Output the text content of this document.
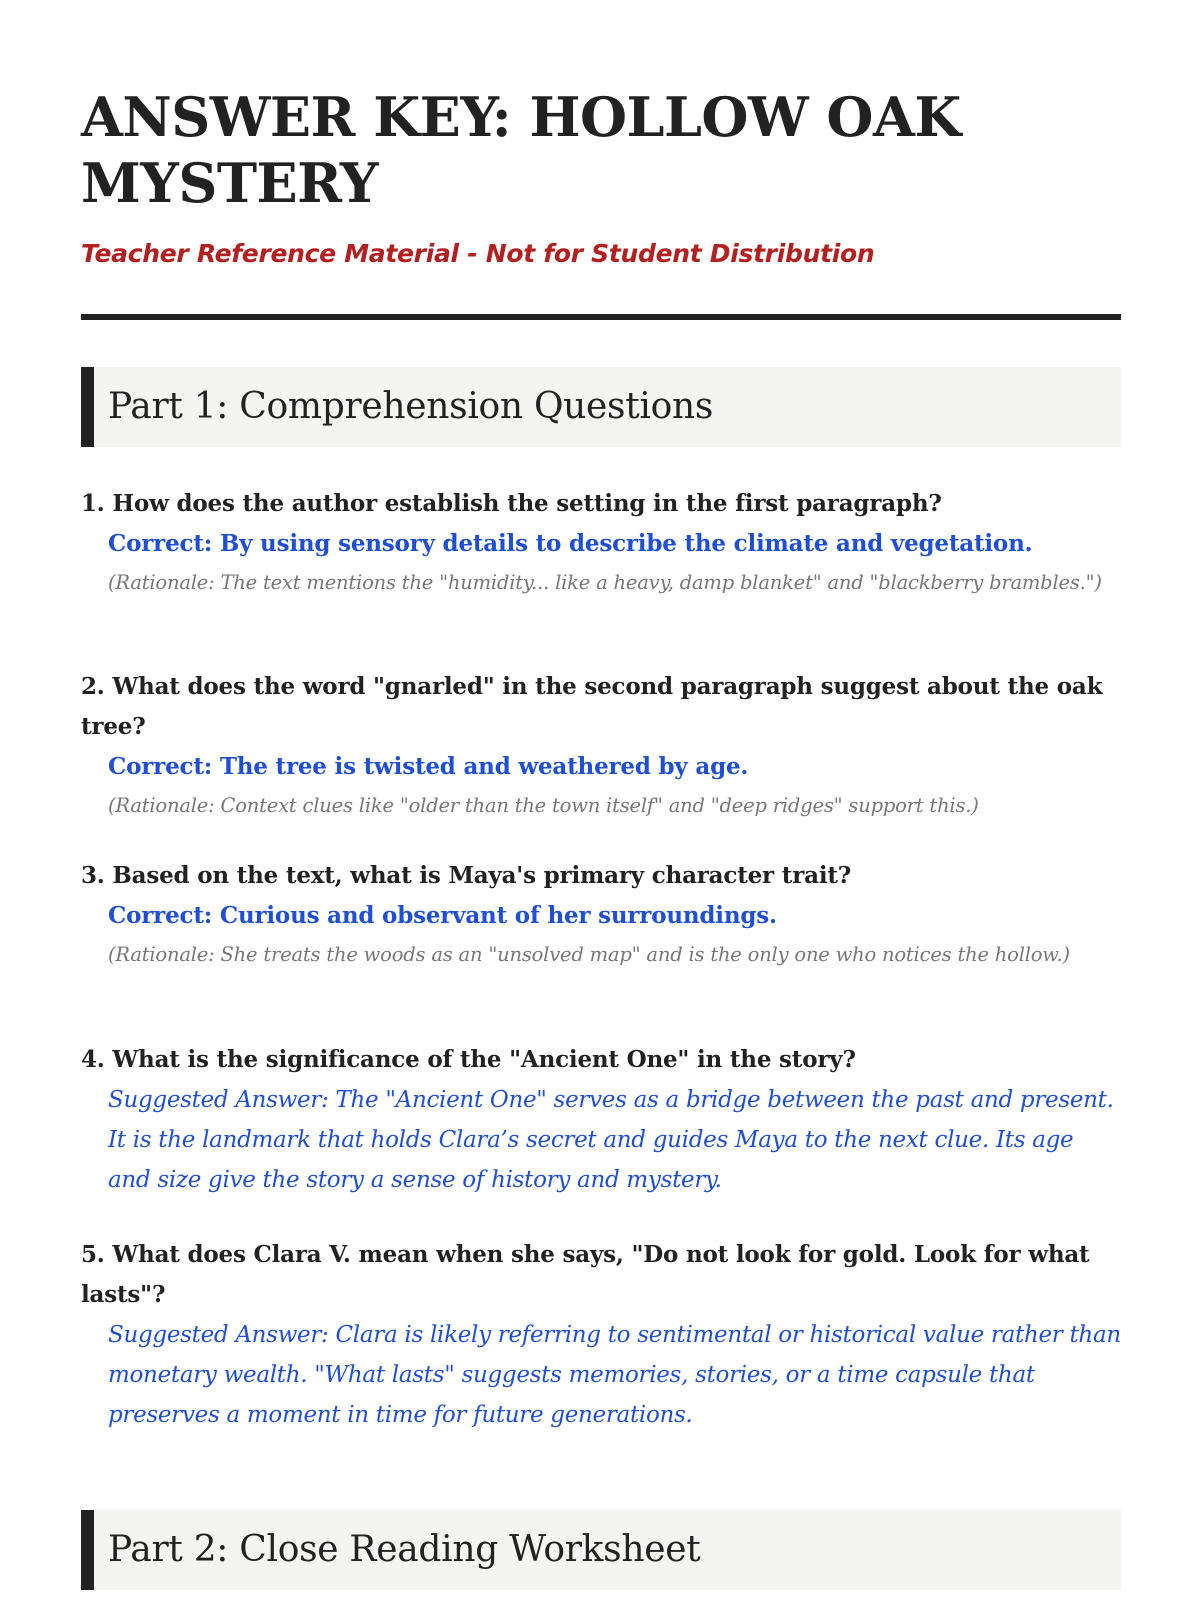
ANSWER KEY: HOLLOW OAK MYSTERY
Teacher Reference Material - Not for Student Distribution
Part 1: Comprehension Questions
1. How does the author establish the setting in the first paragraph?
Correct: By using sensory details to describe the climate and vegetation.
(Rationale: The text mentions the "humidity... like a heavy, damp blanket" and "blackberry brambles.")
2. What does the word "gnarled" in the second paragraph suggest about the oak tree?
Correct: The tree is twisted and weathered by age.
(Rationale: Context clues like "older than the town itself" and "deep ridges" support this.)
3. Based on the text, what is Maya's primary character trait?
Correct: Curious and observant of her surroundings.
(Rationale: She treats the woods as an "unsolved map" and is the only one who notices the hollow.)
4. What is the significance of the "Ancient One" in the story?
Suggested Answer: The "Ancient One" serves as a bridge between the past and present. It is the landmark that holds Clara’s secret and guides Maya to the next clue. Its age and size give the story a sense of history and mystery.
5. What does Clara V. mean when she says, "Do not look for gold. Look for what lasts"?
Suggested Answer: Clara is likely referring to sentimental or historical value rather than monetary wealth. "What lasts" suggests memories, stories, or a time capsule that preserves a moment in time for future generations.
Part 2: Close Reading Worksheet
